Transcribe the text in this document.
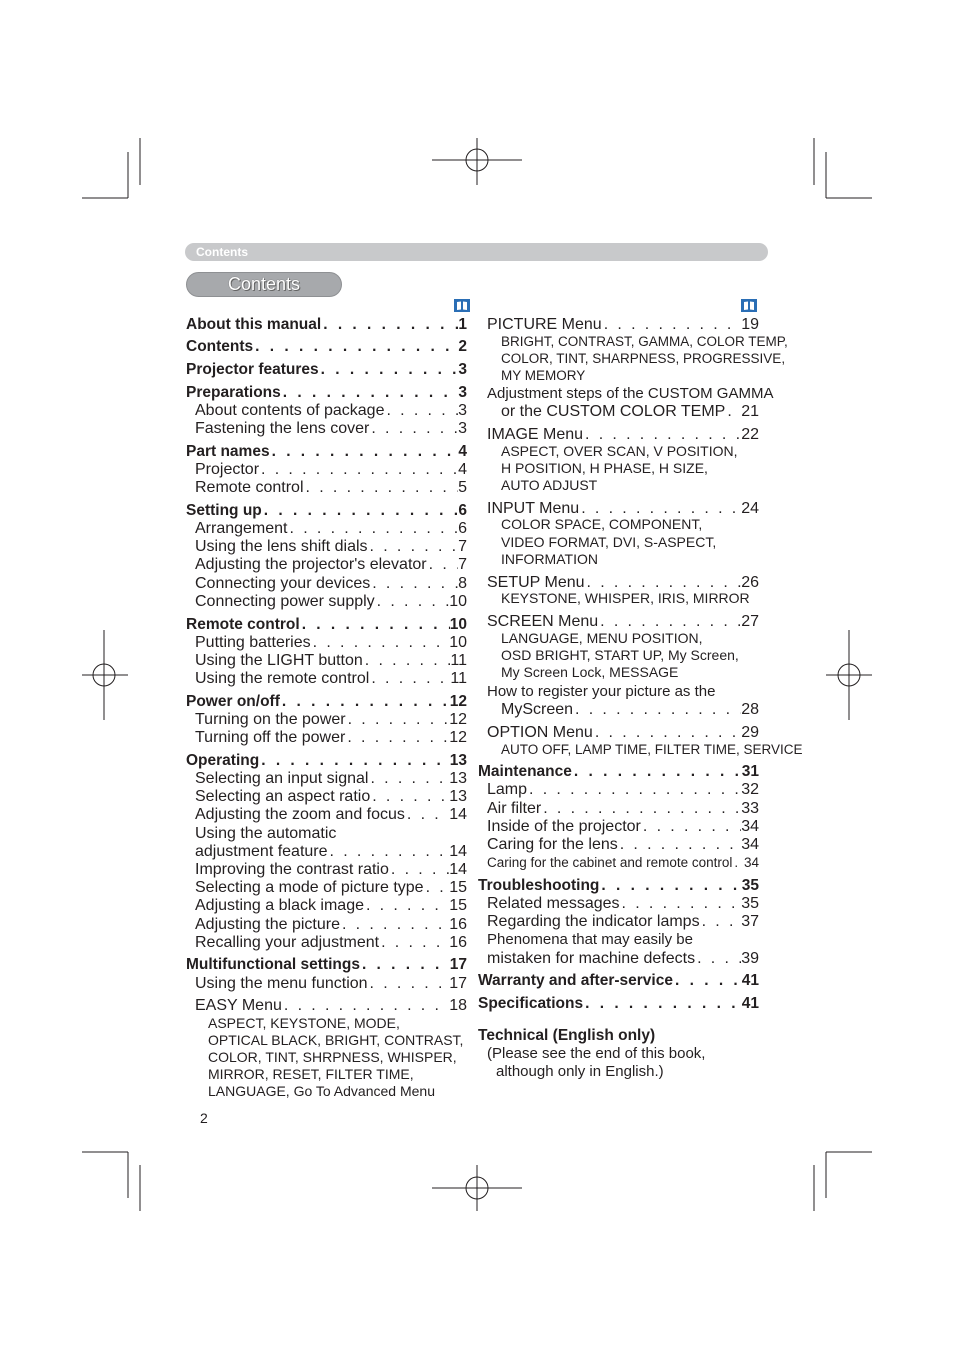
Contents
Contents
About this manual . . .	1
Contents . . .	2
Projector features . . .	3
Preparations . . .	3
About contents of package . . .	3
Fastening the lens cover . . .	3
Part names . . .	4
Projector . . .	4
Remote control . . .	5
Setting up . . .	6
Arrangement . . .	6
Using the lens shift dials . . .	7
Adjusting the projector's elevator . . . 7
Connecting your devices . . .	8
Connecting power supply . . .	10
Remote control . . .	10
Putting batteries . . .	10
Using the LIGHT button . . .	11
Using the remote control . . .	11
Power on/off . . .	12
Turning on the power . . .	12
Turning off the power . . .	12
Operating . . .	13
Selecting an input signal . . .	13
Selecting an aspect ratio . . .	13
Adjusting the zoom and focus . . .	14
Using the automatic
adjustment feature . . .	14
Improving the contrast ratio . . .	14
Selecting a mode of picture type . . . 15
Adjusting a black image . . .	15
Adjusting the picture . . .	16
Recalling your adjustment . . .	16
Multifunctional settings . . .	17
Using the menu function . . .	17
EASY Menu . . .	18
ASPECT, KEYSTONE, MODE,
OPTICAL BLACK, BRIGHT, CONTRAST,
COLOR, TINT, SHRPNESS, WHISPER,
MIRROR, RESET, FILTER TIME,
LANGUAGE, Go To Advanced Menu
PICTURE Menu . . .	19
BRIGHT, CONTRAST, GAMMA, COLOR TEMP,
COLOR, TINT, SHARPNESS, PROGRESSIVE,
MY MEMORY
Adjustment steps of the CUSTOM GAMMA
or the CUSTOM COLOR TEMP . . . 21
IMAGE Menu . . .	22
ASPECT, OVER SCAN, V POSITION,
H POSITION, H PHASE, H SIZE,
AUTO ADJUST
INPUT Menu . . .	24
COLOR SPACE, COMPONENT,
VIDEO FORMAT, DVI, S-ASPECT,
INFORMATION
SETUP Menu . . .	26
KEYSTONE, WHISPER, IRIS, MIRROR
SCREEN Menu . . .	27
LANGUAGE, MENU POSITION,
OSD BRIGHT, START UP, My Screen,
My Screen Lock, MESSAGE
How to register your picture as the
MyScreen . . .	28
OPTION Menu . . .	29
AUTO OFF, LAMP TIME, FILTER TIME, SERVICE
Maintenance . . .	31
Lamp . . .	32
Air filter . . .	33
Inside of the projector . . .	34
Caring for the lens . . .	34
Caring for the cabinet and remote control . . . 34
Troubleshooting . . .	35
Related messages . . .	35
Regarding the indicator lamps . . .	37
Phenomena that may easily be
mistaken for machine defects . . .	39
Warranty and after-service . . .	41
Specifications . . .	41
Technical (English only)
(Please see the end of this book,
although only in English.)
2
